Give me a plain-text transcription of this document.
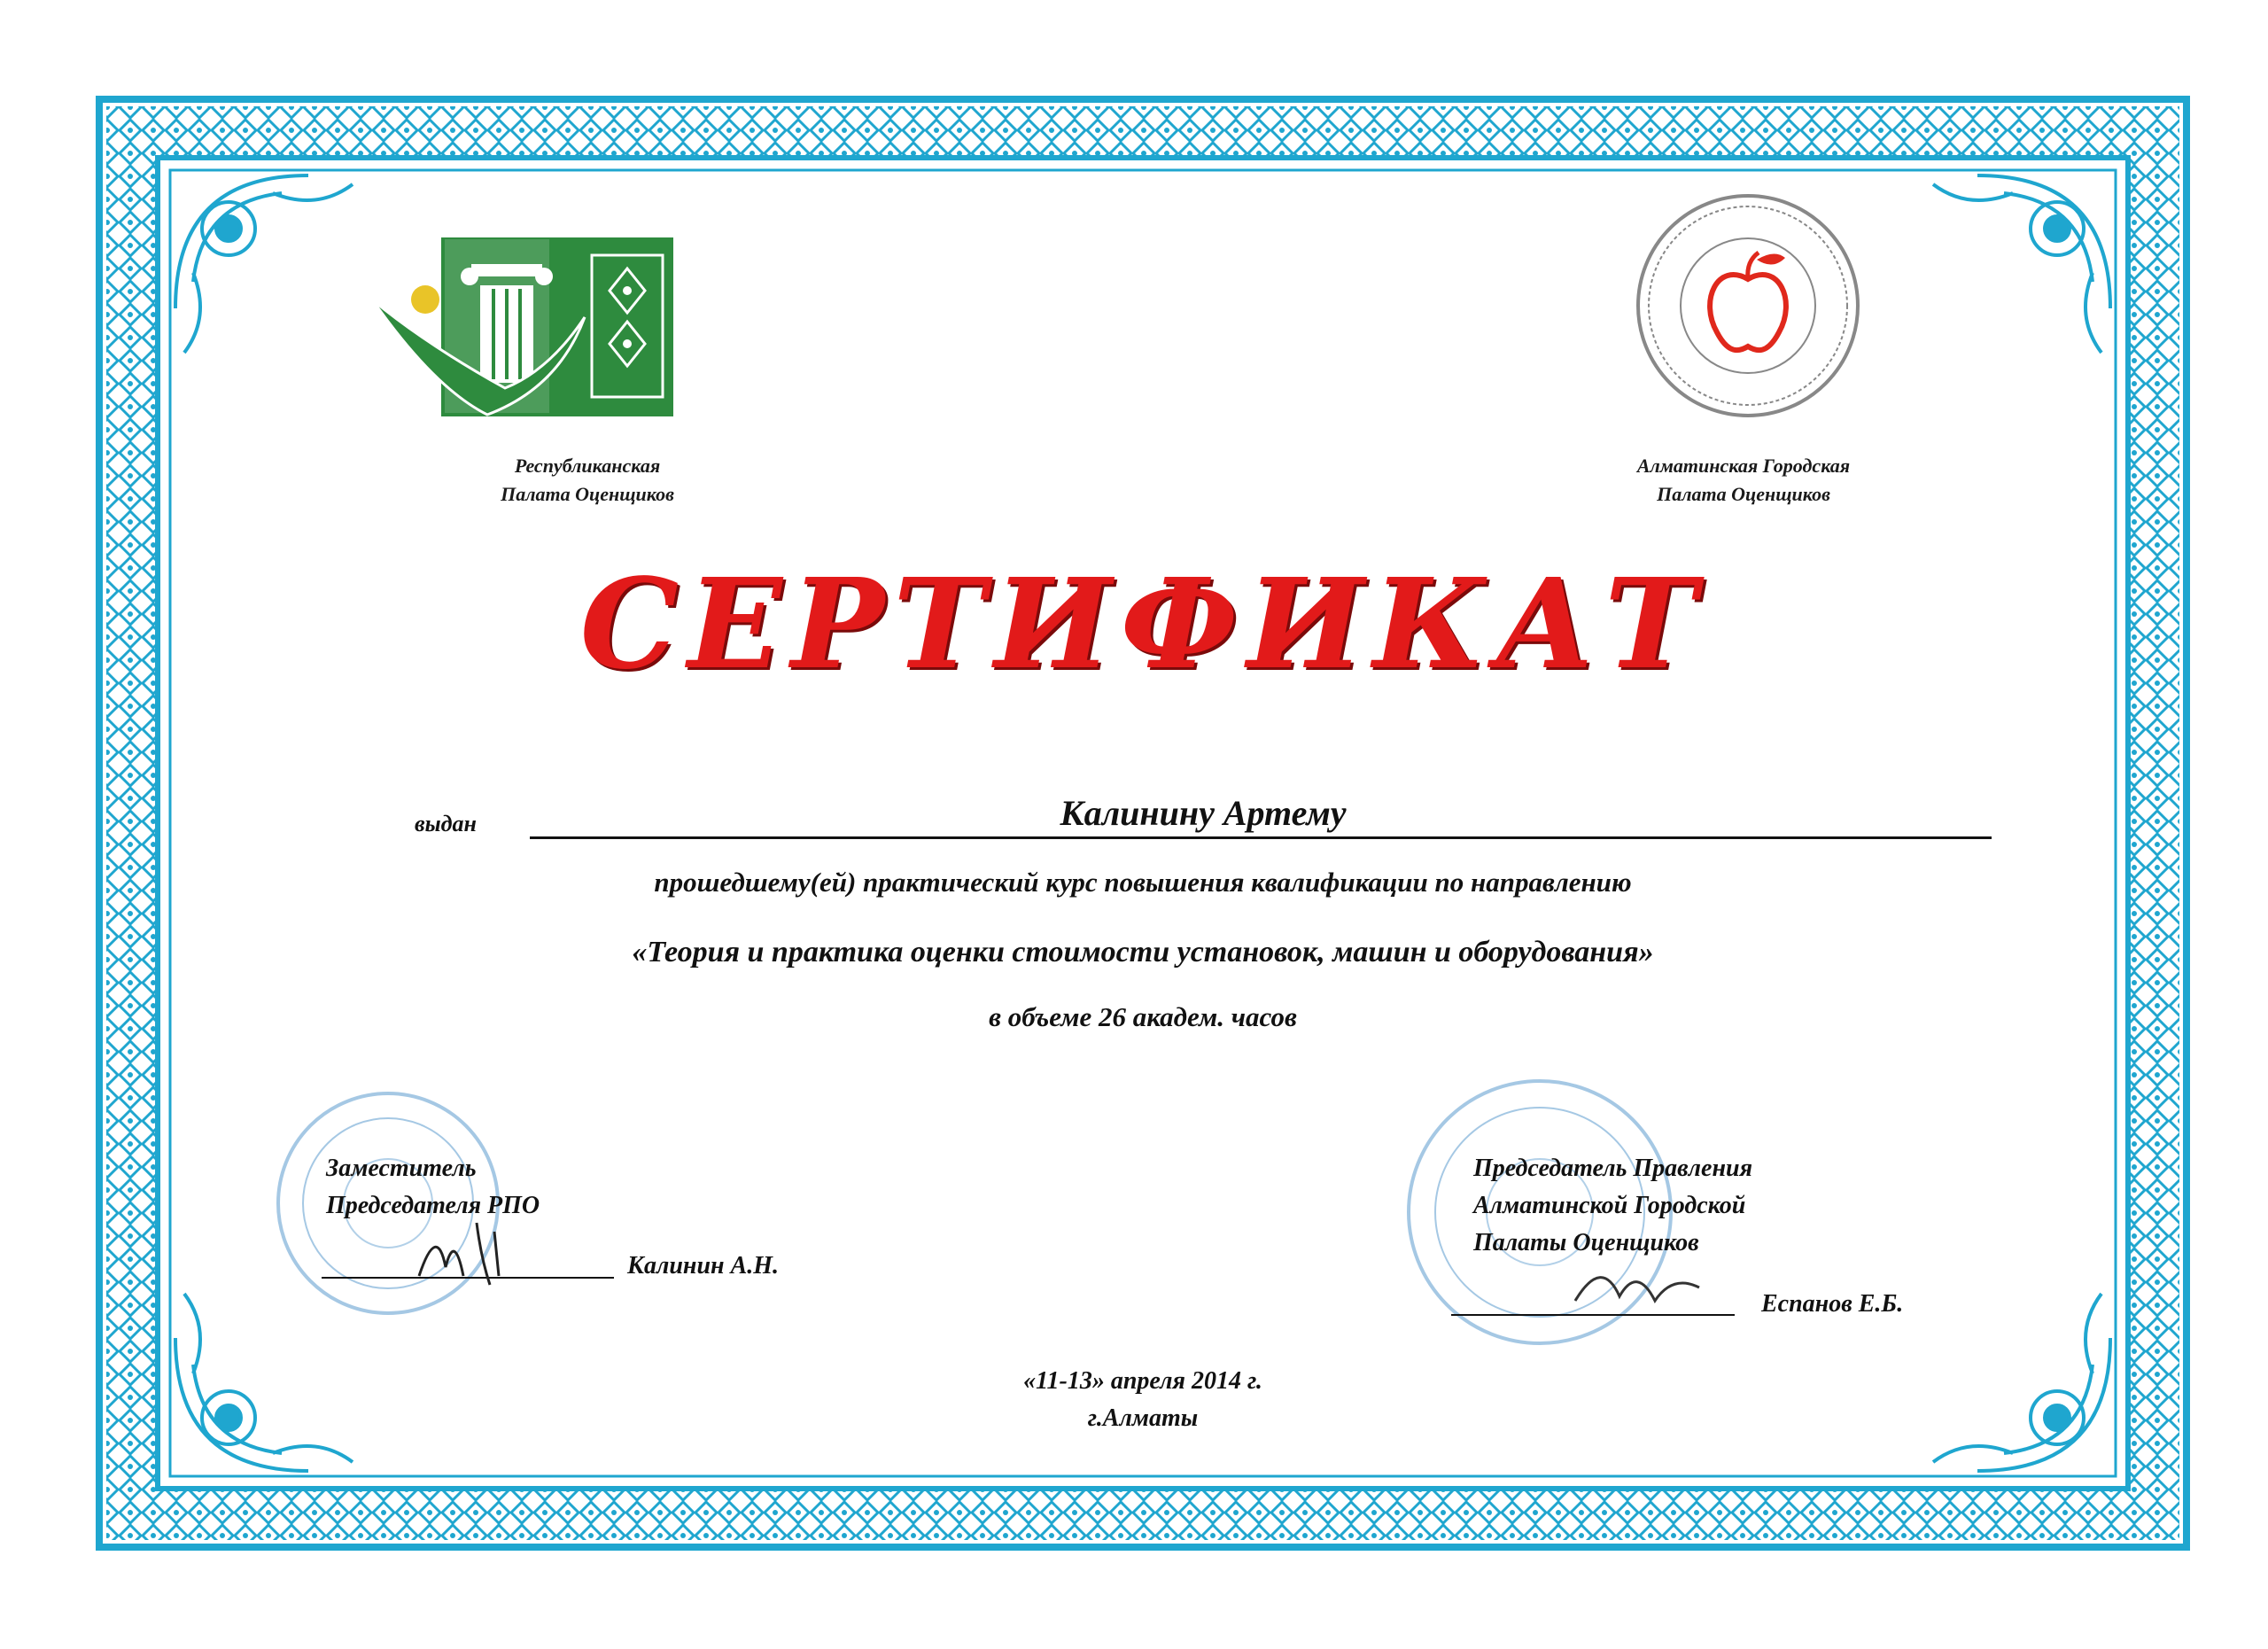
Республиканская
Палата Оценщиков
Алматинская Городская
Палата Оценщиков
СЕРТИФИКАТ
выдан	Калинину Артему
прошедшему(ей) практический курс повышения квалификации по направлению
«Теория и практика оценки стоимости установок, машин и оборудования»
в объеме 26 академ. часов
Заместитель
Председателя РПО
Калинин А.Н.
Председатель Правления
Алматинской Городской
Палаты Оценщиков
Еспанов Е.Б.
«11-13» апреля 2014 г.
г.Алматы
